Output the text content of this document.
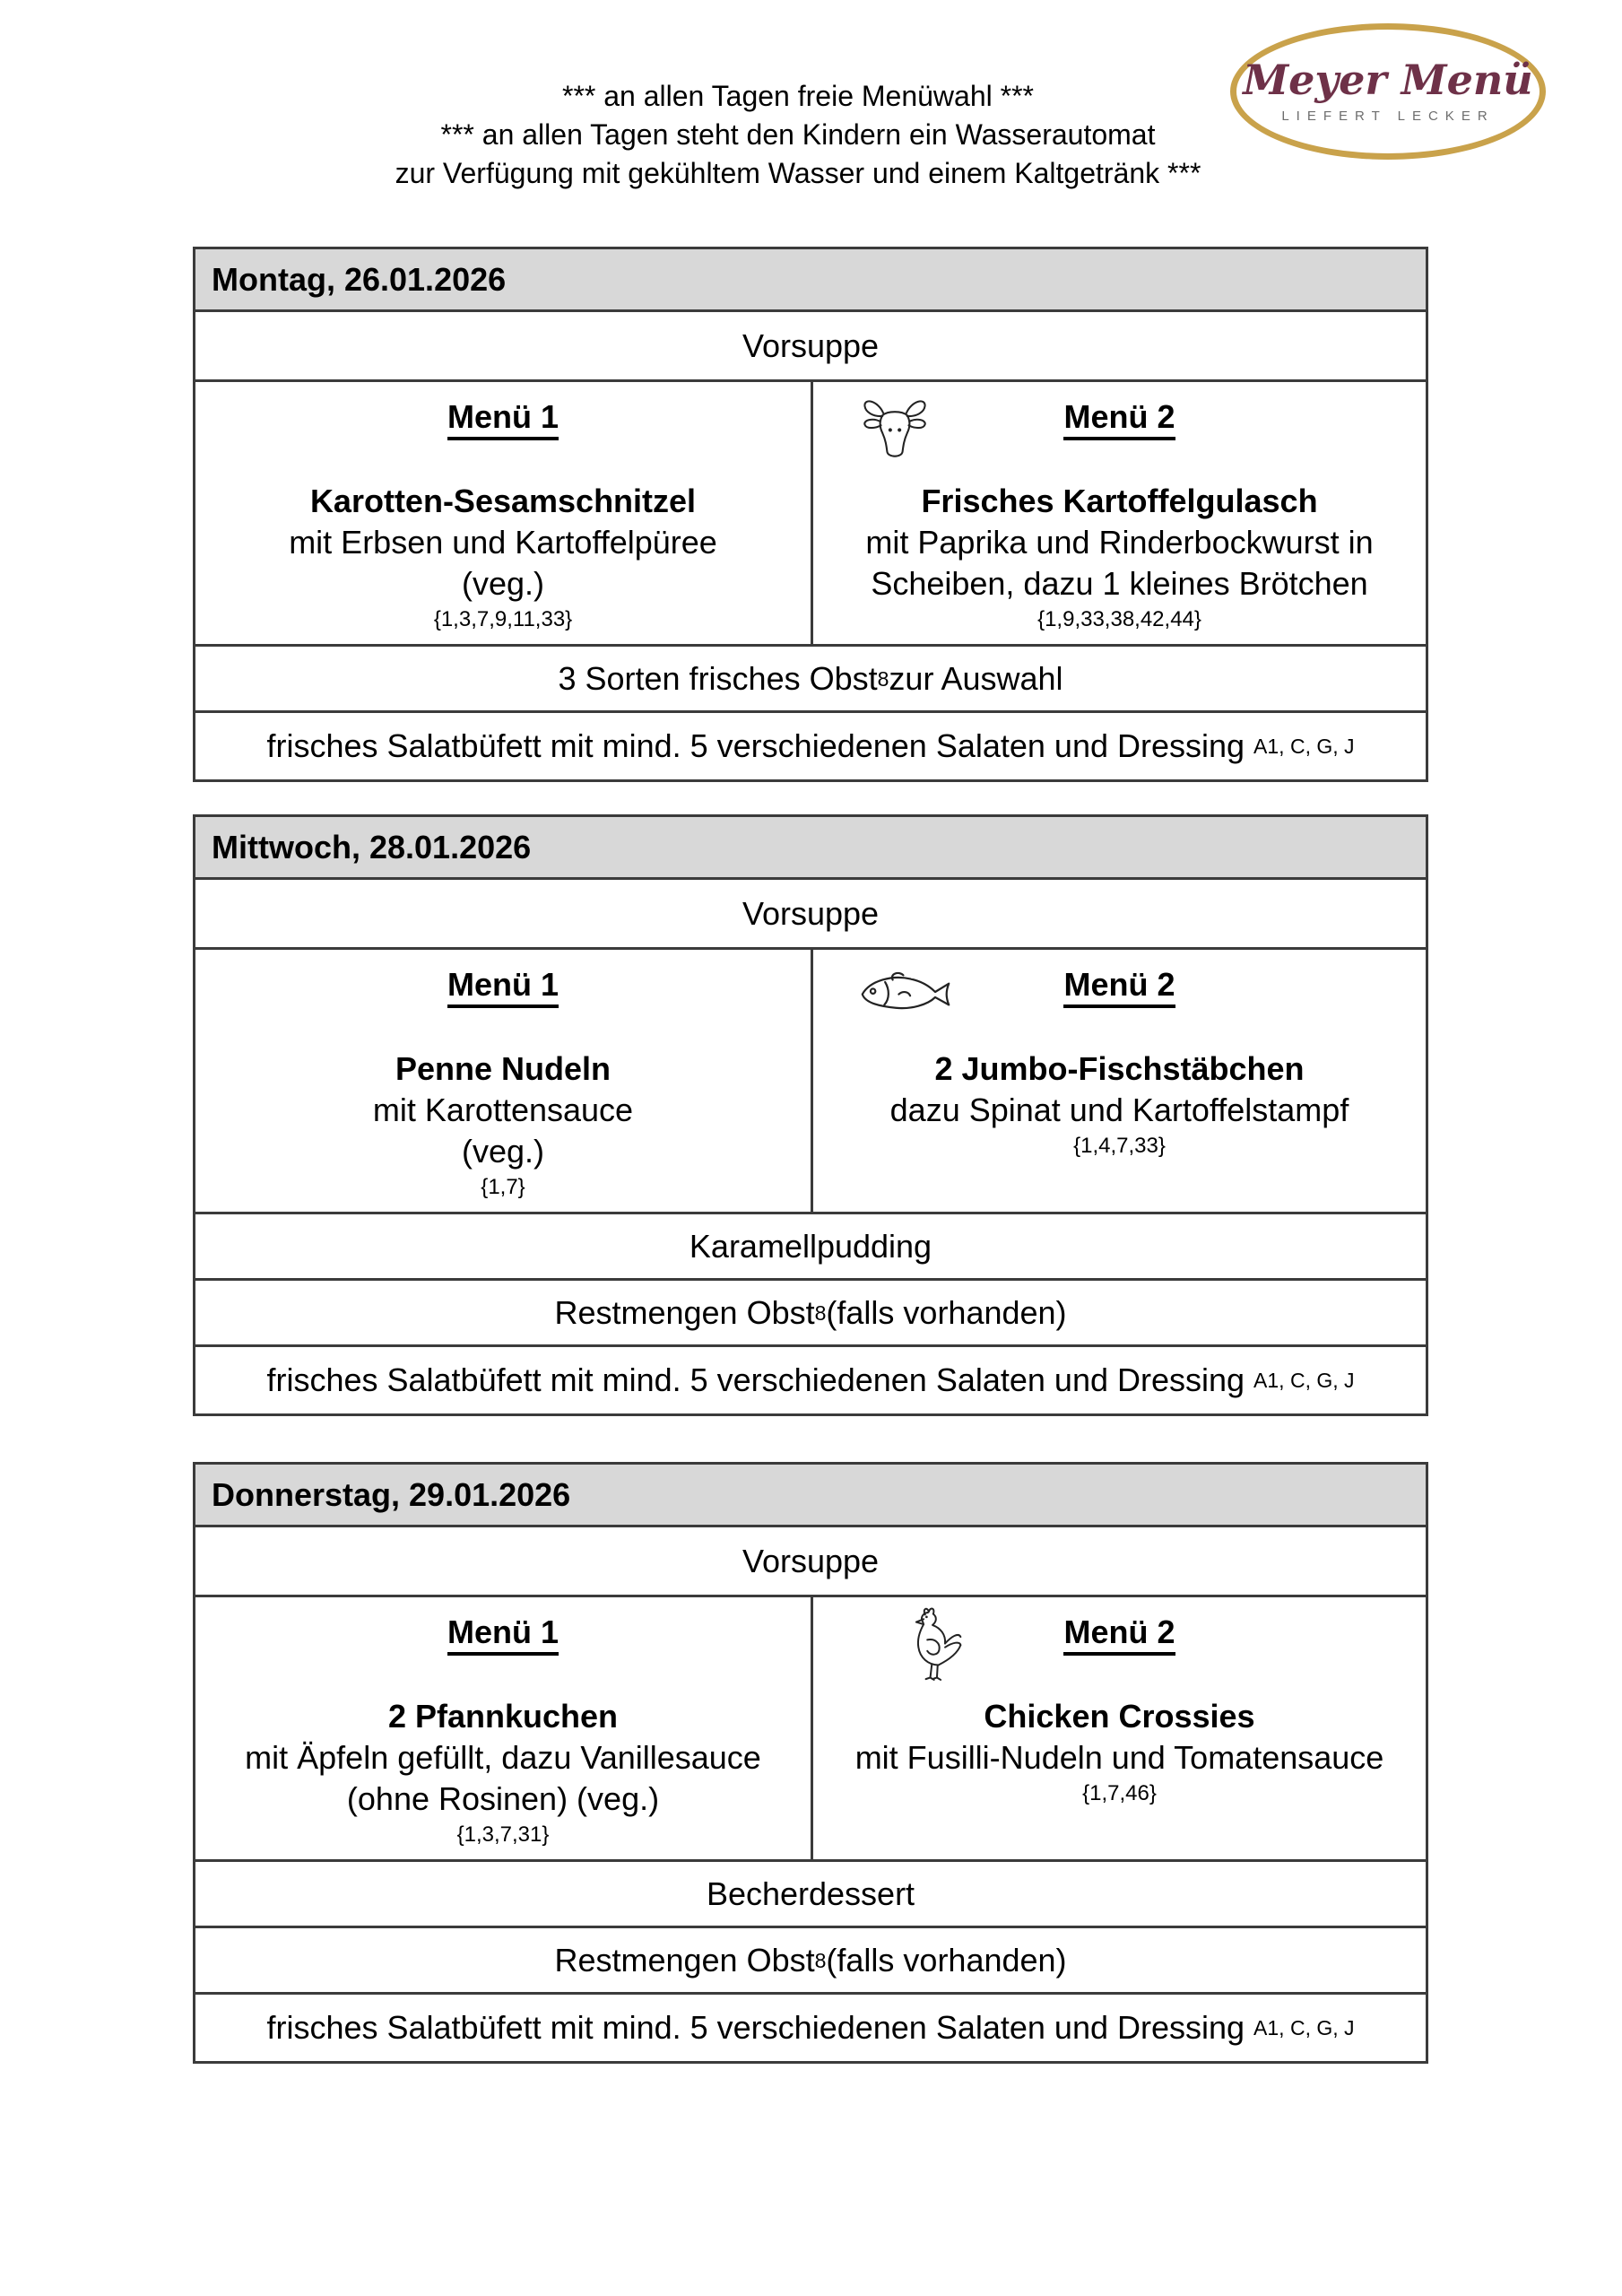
*** an allen Tagen freie Menüwahl ***
*** an allen Tagen steht den Kindern ein Wasserautomat
zur Verfügung mit gekühltem Wasser und einem Kaltgetränk ***
Meyer Menü
LIEFERT LECKER
Montag, 26.01.2026
Vorsuppe
Menü 1
Karotten-Sesamschnitzel
mit Erbsen und Kartoffelpüree
(veg.)
{1,3,7,9,11,33}
Menü 2
Frisches Kartoffelgulasch
mit Paprika und Rinderbockwurst in
Scheiben, dazu 1 kleines Brötchen
{1,9,33,38,42,44}
3 Sorten frisches Obst 8 zur Auswahl
frisches Salatbüfett mit mind. 5 verschiedenen Salaten und Dressing A1, C, G, J
Mittwoch, 28.01.2026
Vorsuppe
Menü 1
Penne Nudeln
mit Karottensauce
(veg.)
{1,7}
Menü 2
2 Jumbo-Fischstäbchen
dazu Spinat und Kartoffelstampf
{1,4,7,33}
Karamellpudding
Restmengen Obst 8 (falls vorhanden)
frisches Salatbüfett mit mind. 5 verschiedenen Salaten und Dressing A1, C, G, J
Donnerstag, 29.01.2026
Vorsuppe
Menü 1
2 Pfannkuchen
mit Äpfeln gefüllt, dazu Vanillesauce
(ohne Rosinen) (veg.)
{1,3,7,31}
Menü 2
Chicken Crossies
mit Fusilli-Nudeln und Tomatensauce
{1,7,46}
Becherdessert
Restmengen Obst 8 (falls vorhanden)
frisches Salatbüfett mit mind. 5 verschiedenen Salaten und Dressing A1, C, G, J
